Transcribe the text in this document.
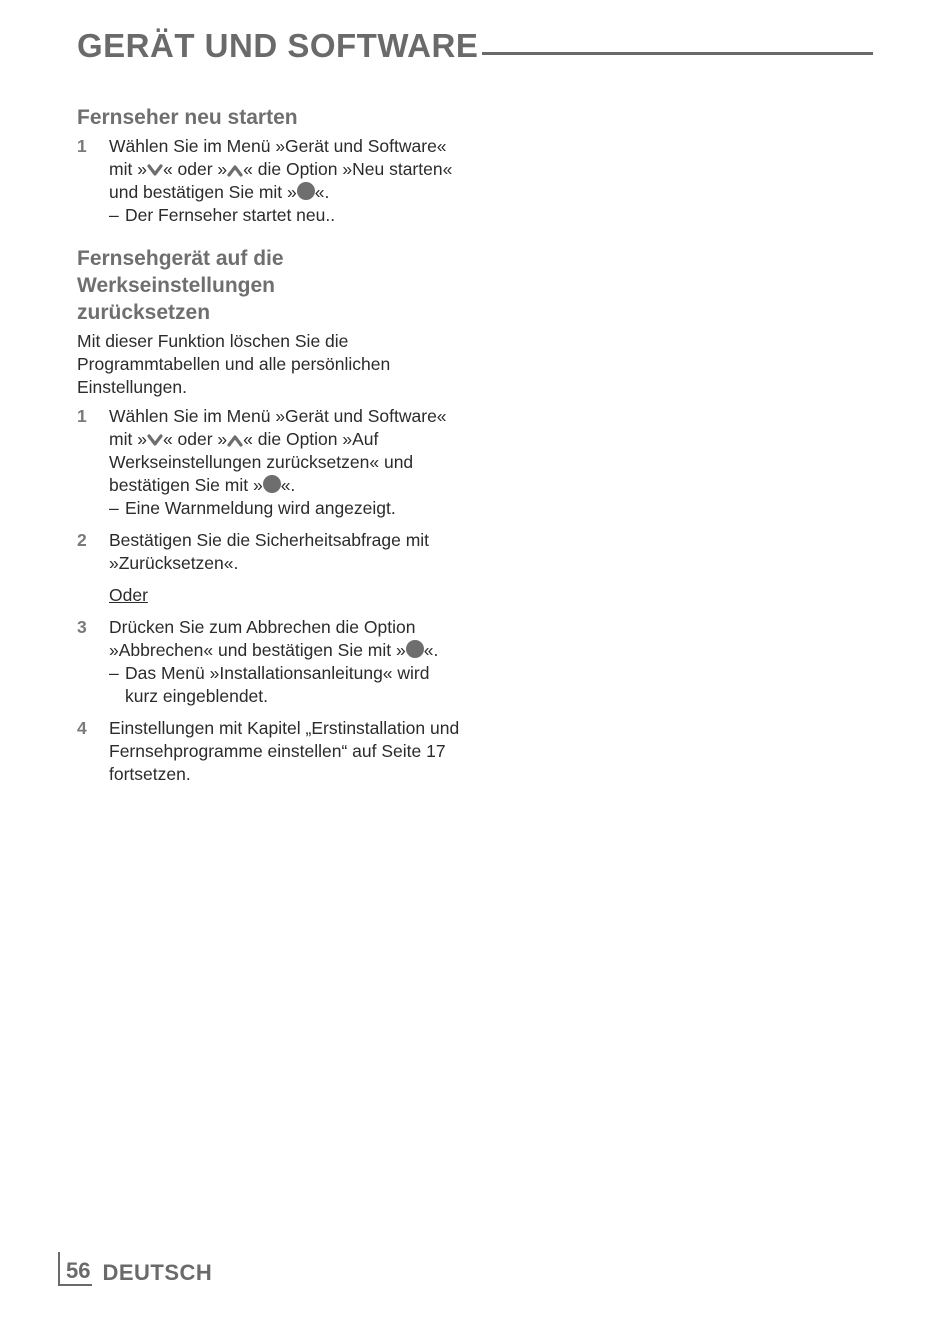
GERÄT UND SOFTWARE
Fernseher neu starten
1	Wählen Sie im Menü »Gerät und Software« mit » « oder » « die Option »Neu starten« und bestätigen Sie mit » «.
– Der Fernseher startet neu..
Fernsehgerät auf die
Werkseinstellungen
zurücksetzen

Mit dieser Funktion löschen Sie die Programmtabellen und alle persönlichen Einstellungen.

1	Wählen Sie im Menü »Gerät und Software« mit » « oder » « die Option »Auf Werkseinstellungen zurücksetzen« und bestätigen Sie mit » «.
– Eine Warnmeldung wird angezeigt.
2	Bestätigen Sie die Sicherheitsabfrage mit »Zurücksetzen«.
Oder
3	Drücken Sie zum Abbrechen die Option »Abbrechen« und bestätigen Sie mit » «.
– Das Menü »Installationsanleitung« wird kurz eingeblendet.
4	Einstellungen mit Kapitel „Erstinstallation und Fernsehprogramme einstellen“ auf Seite 17 fortsetzen.
56 DEUTSCH
